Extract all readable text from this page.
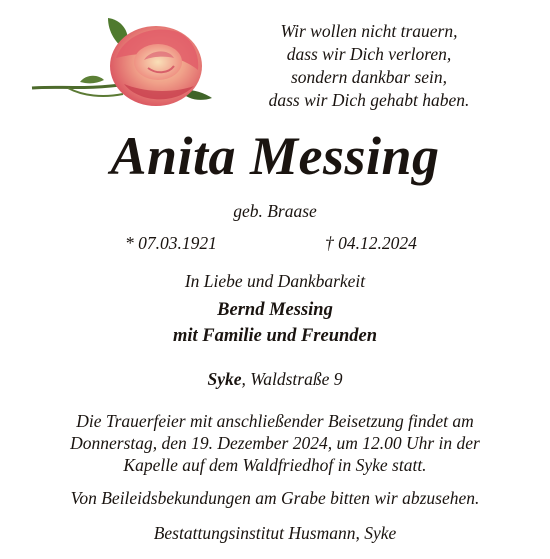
Wir wollen nicht trauern,
dass wir Dich verloren,
sondern dankbar sein,
dass wir Dich gehabt haben.
Anita Messing
geb. Braase
* 07.03.1921	† 04.12.2024
In Liebe und Dankbarkeit
Bernd Messing
mit Familie und Freunden
Syke, Waldstraße 9
Die Trauerfeier mit anschließender Beisetzung findet am
Donnerstag, den 19. Dezember 2024, um 12.00 Uhr in der
Kapelle auf dem Waldfriedhof in Syke statt.
Von Beileidsbekundungen am Grabe bitten wir abzusehen.
Bestattungsinstitut Husmann, Syke
